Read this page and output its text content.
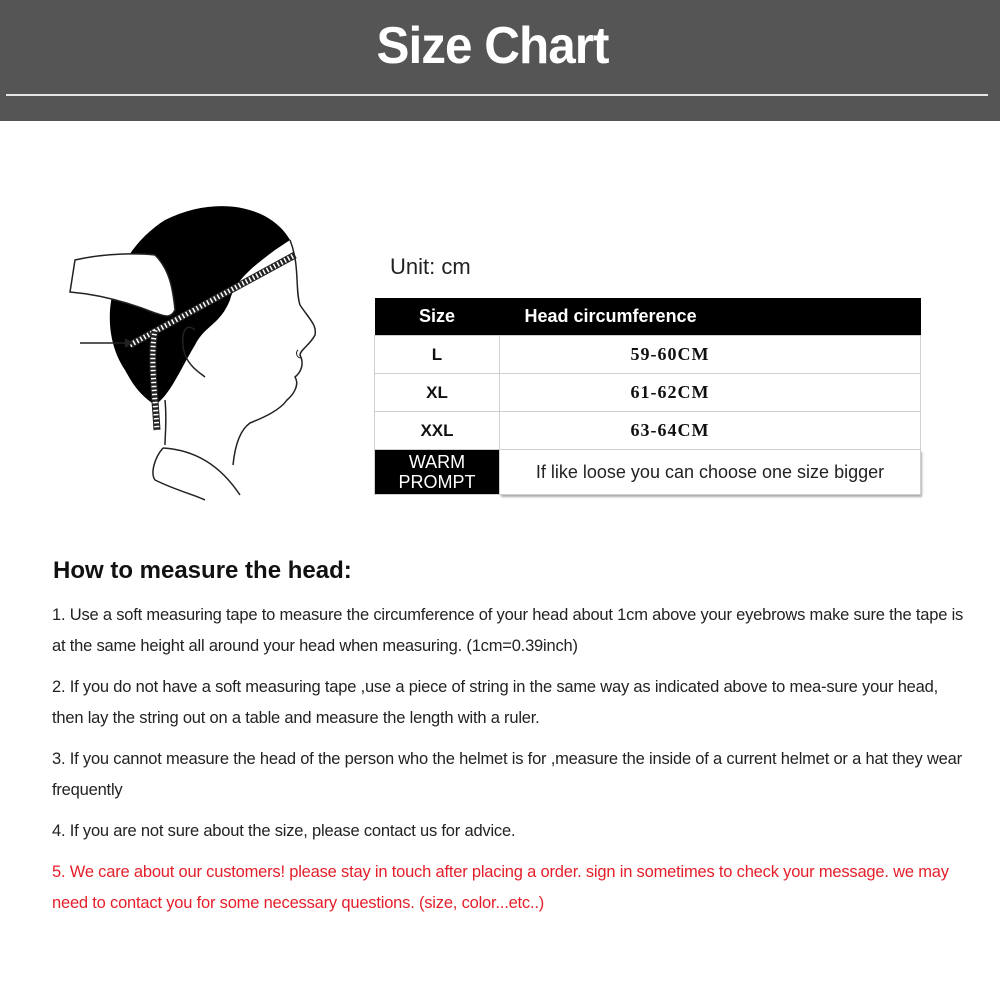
Size Chart
Unit: cm
Size	Head circumference
L	59-60CM
XL	61-62CM
XXL	63-64CM
WARM
PROMPT	If like loose you can choose one size bigger
How to measure the head:

1. Use a soft measuring tape to measure the circumference of your head about 1cm above your eyebrows make sure the tape is at the same height all around your head when measuring. (1cm=0.39inch)

2. If you do not have a soft measuring tape ,use a piece of string in the same way as indicated above to mea-sure your head, then lay the string out on a table and measure the length with a ruler.

3. If you cannot measure the head of the person who the helmet is for ,measure the inside of a current helmet or a hat they wear frequently

4. If you are not sure about the size, please contact us for advice.

5. We care about our customers! please stay in touch after placing a order. sign in sometimes to check your message. we may need to contact you for some necessary questions. (size, color...etc..)
